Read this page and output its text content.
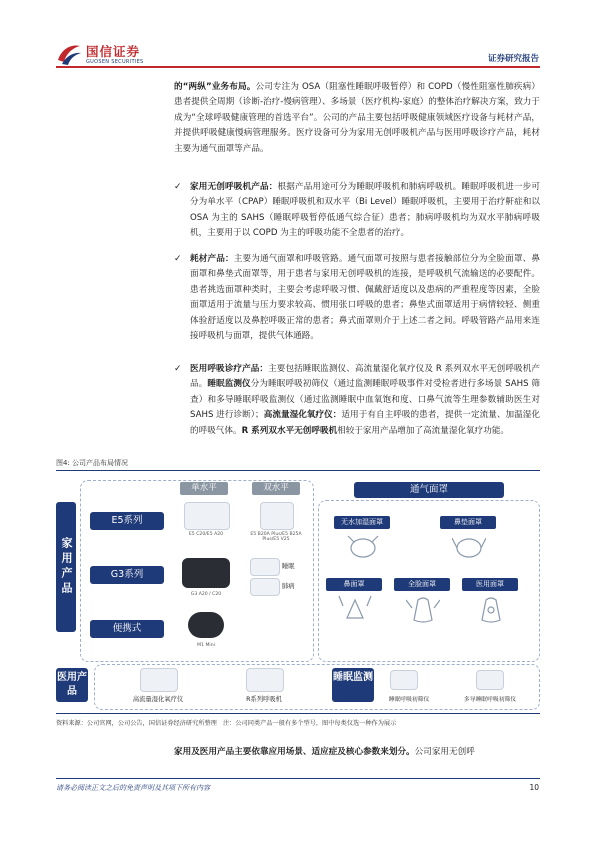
国信证券
GUOSEN SECURITIES	证券研究报告
的“两纵”业务布局。公司专注为 OSA（阻塞性睡眠呼吸暂停）和 COPD（慢性阻塞性肺疾病）患者提供全周期（诊断-治疗-慢病管理）、多场景（医疗机构-家庭）的整体治疗解决方案，致力于成为“全球呼吸健康管理的首选平台”。公司的产品主要包括呼吸健康领域医疗设备与耗材产品，并提供呼吸健康慢病管理服务。医疗设备可分为家用无创呼吸机产品与医用呼吸诊疗产品，耗材主要为通气面罩等产品。
✓ 家用无创呼吸机产品：根据产品用途可分为睡眠呼吸机和肺病呼吸机。睡眠呼吸机进一步可分为单水平（CPAP）睡眠呼吸机和双水平（Bi Level）睡眠呼吸机，主要用于治疗鼾症和以 OSA 为主的 SAHS（睡眠呼吸暂停低通气综合征）患者；肺病呼吸机均为双水平肺病呼吸机，主要用于以 COPD 为主的呼吸功能不全患者的治疗。
✓ 耗材产品：主要为通气面罩和呼吸管路。通气面罩可按照与患者接触部位分为全脸面罩、鼻面罩和鼻垫式面罩等，用于患者与家用无创呼吸机的连接，是呼吸机气流输送的必要配件。患者挑选面罩种类时，主要会考虑呼吸习惯、佩戴舒适度以及患病的严重程度等因素，全脸面罩适用于流量与压力要求较高、惯用张口呼吸的患者；鼻垫式面罩适用于病情较轻、侧重体验舒适度以及鼻腔呼吸正常的患者；鼻式面罩则介于上述二者之间。呼吸管路产品用来连接呼吸机与面罩，提供气体通路。
✓ 医用呼吸诊疗产品：主要包括睡眠监测仪、高流量湿化氧疗仪及 R 系列双水平无创呼吸机产品。睡眠监测仪分为睡眠呼吸初筛仪（通过监测睡眠呼吸事件对受检者进行多场景 SAHS 筛查）和多导睡眠呼吸监测仪（通过监测睡眠中血氧饱和度、口鼻气流等生理参数辅助医生对 SAHS 进行诊断）；高流量湿化氧疗仪：适用于有自主呼吸的患者，提供一定流量、加温湿化的呼吸气体。R 系列双水平无创呼吸机相较于家用产品增加了高流量湿化氧疗功能。
图4: 公司产品布局情况
家用产品
单水平	双水平
E5系列
E5 C20/E5 A20	E5 B20A Plus/E5 B25A Plus/E5 V25
G3系列
G3 A20 / C20
睡眠
肺病
便携式
M1 Mini
通气面罩
无水加湿面罩	鼻垫面罩
鼻面罩	全脸面罩	医用面罩
医用产品
高流量湿化氧疗仪	R系列呼吸机
睡眠监测
睡眠呼吸初筛仪	多导睡眠呼吸初筛仪
资料来源：公司官网，公司公告，国信证券经济研究所整理　注：公司同类产品一般有多个型号，图中每类仅选一种作为展示
家用及医用产品主要依靠应用场景、适应症及核心参数来划分。公司家用无创呼
请务必阅读正文之后的免责声明及其项下所有内容	10
